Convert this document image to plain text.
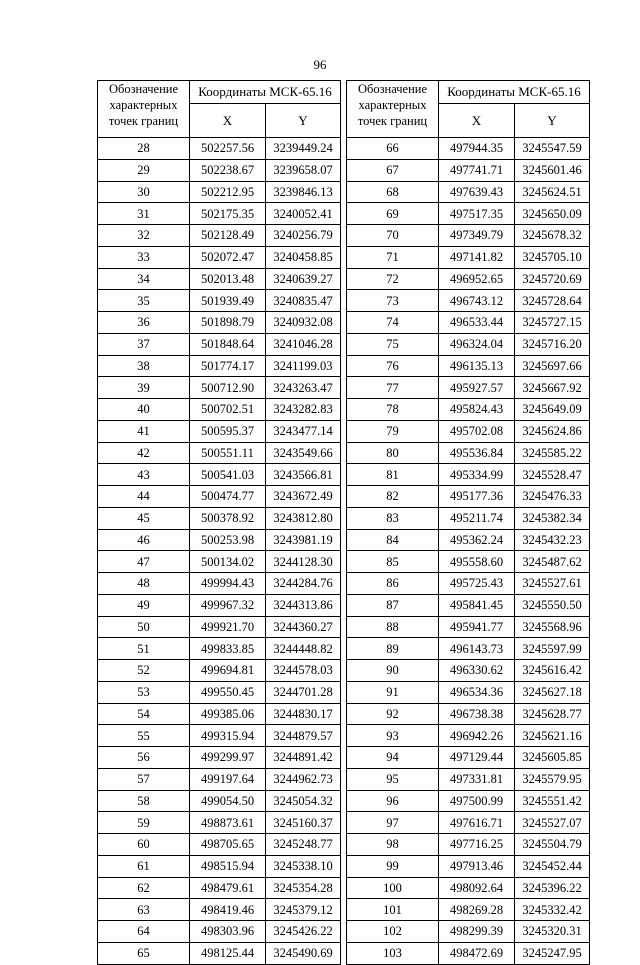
96
Обозначение
характерных
точек границ	Координаты МСК-65.16	
	X	Y
28	502257.56	3239449.24
29	502238.67	3239658.07
30	502212.95	3239846.13
31	502175.35	3240052.41
32	502128.49	3240256.79
33	502072.47	3240458.85
34	502013.48	3240639.27
35	501939.49	3240835.47
36	501898.79	3240932.08
37	501848.64	3241046.28
38	501774.17	3241199.03
39	500712.90	3243263.47
40	500702.51	3243282.83
41	500595.37	3243477.14
42	500551.11	3243549.66
43	500541.03	3243566.81
44	500474.77	3243672.49
45	500378.92	3243812.80
46	500253.98	3243981.19
47	500134.02	3244128.30
48	499994.43	3244284.76
49	499967.32	3244313.86
50	499921.70	3244360.27
51	499833.85	3244448.82
52	499694.81	3244578.03
53	499550.45	3244701.28
54	499385.06	3244830.17
55	499315.94	3244879.57
56	499299.97	3244891.42
57	499197.64	3244962.73
58	499054.50	3245054.32
59	498873.61	3245160.37
60	498705.65	3245248.77
61	498515.94	3245338.10
62	498479.61	3245354.28
63	498419.46	3245379.12
64	498303.96	3245426.22
65	498125.44	3245490.69
Обозначение
характерных
точек границ	Координаты МСК-65.16	
	X	Y
66	497944.35	3245547.59
67	497741.71	3245601.46
68	497639.43	3245624.51
69	497517.35	3245650.09
70	497349.79	3245678.32
71	497141.82	3245705.10
72	496952.65	3245720.69
73	496743.12	3245728.64
74	496533.44	3245727.15
75	496324.04	3245716.20
76	496135.13	3245697.66
77	495927.57	3245667.92
78	495824.43	3245649.09
79	495702.08	3245624.86
80	495536.84	3245585.22
81	495334.99	3245528.47
82	495177.36	3245476.33
83	495211.74	3245382.34
84	495362.24	3245432.23
85	495558.60	3245487.62
86	495725.43	3245527.61
87	495841.45	3245550.50
88	495941.77	3245568.96
89	496143.73	3245597.99
90	496330.62	3245616.42
91	496534.36	3245627.18
92	496738.38	3245628.77
93	496942.26	3245621.16
94	497129.44	3245605.85
95	497331.81	3245579.95
96	497500.99	3245551.42
97	497616.71	3245527.07
98	497716.25	3245504.79
99	497913.46	3245452.44
100	498092.64	3245396.22
101	498269.28	3245332.42
102	498299.39	3245320.31
103	498472.69	3245247.95
